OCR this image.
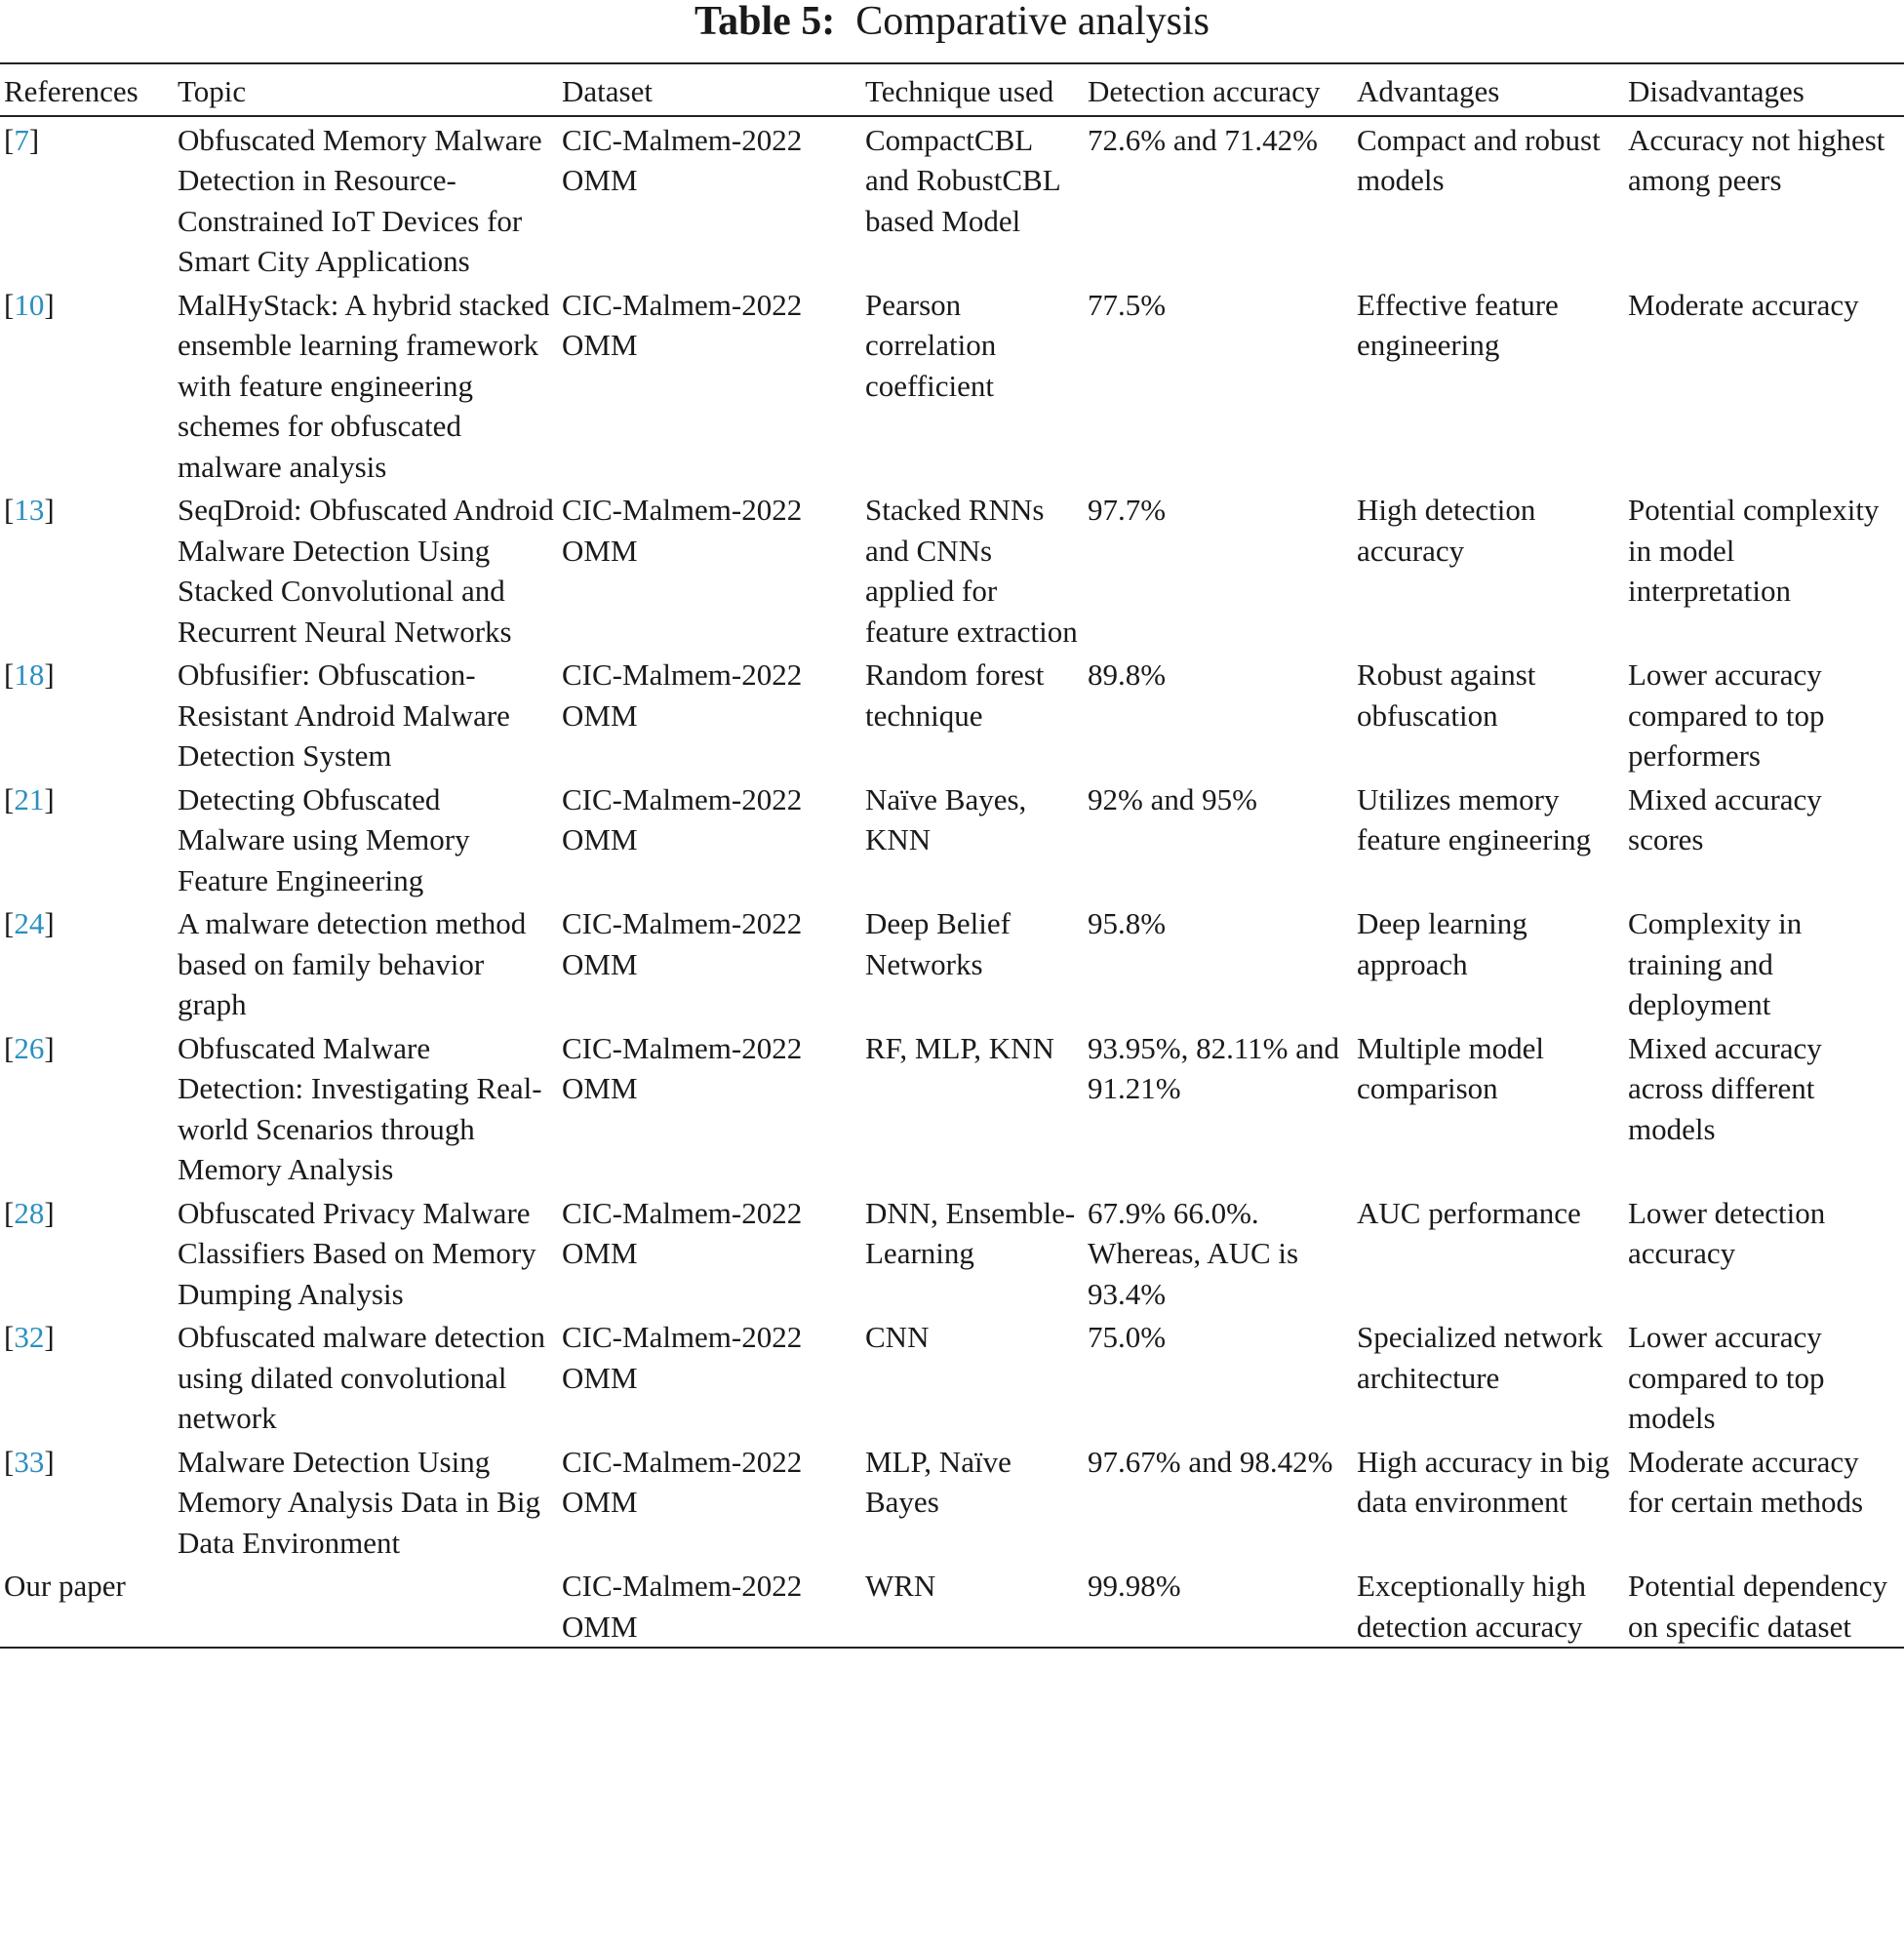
Table 5: Comparative analysis
References	Topic	Dataset	Technique used	Detection accuracy	Advantages	Disadvantages
[7]	Obfuscated Memory Malware Detection in Resource-Constrained IoT Devices for Smart City Applications	CIC-Malmem-2022 OMM	CompactCBL and RobustCBL based Model	72.6% and 71.42%	Compact and robust models	Accuracy not highest among peers
[10]	MalHyStack: A hybrid stacked ensemble learning framework with feature engineering schemes for obfuscated malware analysis	CIC-Malmem-2022 OMM	Pearson correlation coefficient	77.5%	Effective feature engineering	Moderate accuracy
[13]	SeqDroid: Obfuscated Android Malware Detection Using Stacked Convolutional and Recurrent Neural Networks	CIC-Malmem-2022 OMM	Stacked RNNs and CNNs applied for feature extraction	97.7%	High detection accuracy	Potential complexity in model interpretation
[18]	Obfusifier: Obfuscation-Resistant Android Malware Detection System	CIC-Malmem-2022 OMM	Random forest technique	89.8%	Robust against obfuscation	Lower accuracy compared to top performers
[21]	Detecting Obfuscated Malware using Memory Feature Engineering	CIC-Malmem-2022 OMM	Naïve Bayes, KNN	92% and 95%	Utilizes memory feature engineering	Mixed accuracy scores
[24]	A malware detection method based on family behavior graph	CIC-Malmem-2022 OMM	Deep Belief Networks	95.8%	Deep learning approach	Complexity in training and deployment
[26]	Obfuscated Malware Detection: Investigating Real-world Scenarios through Memory Analysis	CIC-Malmem-2022 OMM	RF, MLP, KNN	93.95%, 82.11% and 91.21%	Multiple model comparison	Mixed accuracy across different models
[28]	Obfuscated Privacy Malware Classifiers Based on Memory Dumping Analysis	CIC-Malmem-2022 OMM	DNN, Ensemble-Learning	67.9% 66.0%. Whereas, AUC is 93.4%	AUC performance	Lower detection accuracy
[32]	Obfuscated malware detection using dilated convolutional network	CIC-Malmem-2022 OMM	CNN	75.0%	Specialized network architecture	Lower accuracy compared to top models
[33]	Malware Detection Using Memory Analysis Data in Big Data Environment	CIC-Malmem-2022 OMM	MLP, Naïve Bayes	97.67% and 98.42%	High accuracy in big data environment	Moderate accuracy for certain methods
Our paper		CIC-Malmem-2022 OMM	WRN	99.98%	Exceptionally high detection accuracy	Potential dependency on specific dataset
